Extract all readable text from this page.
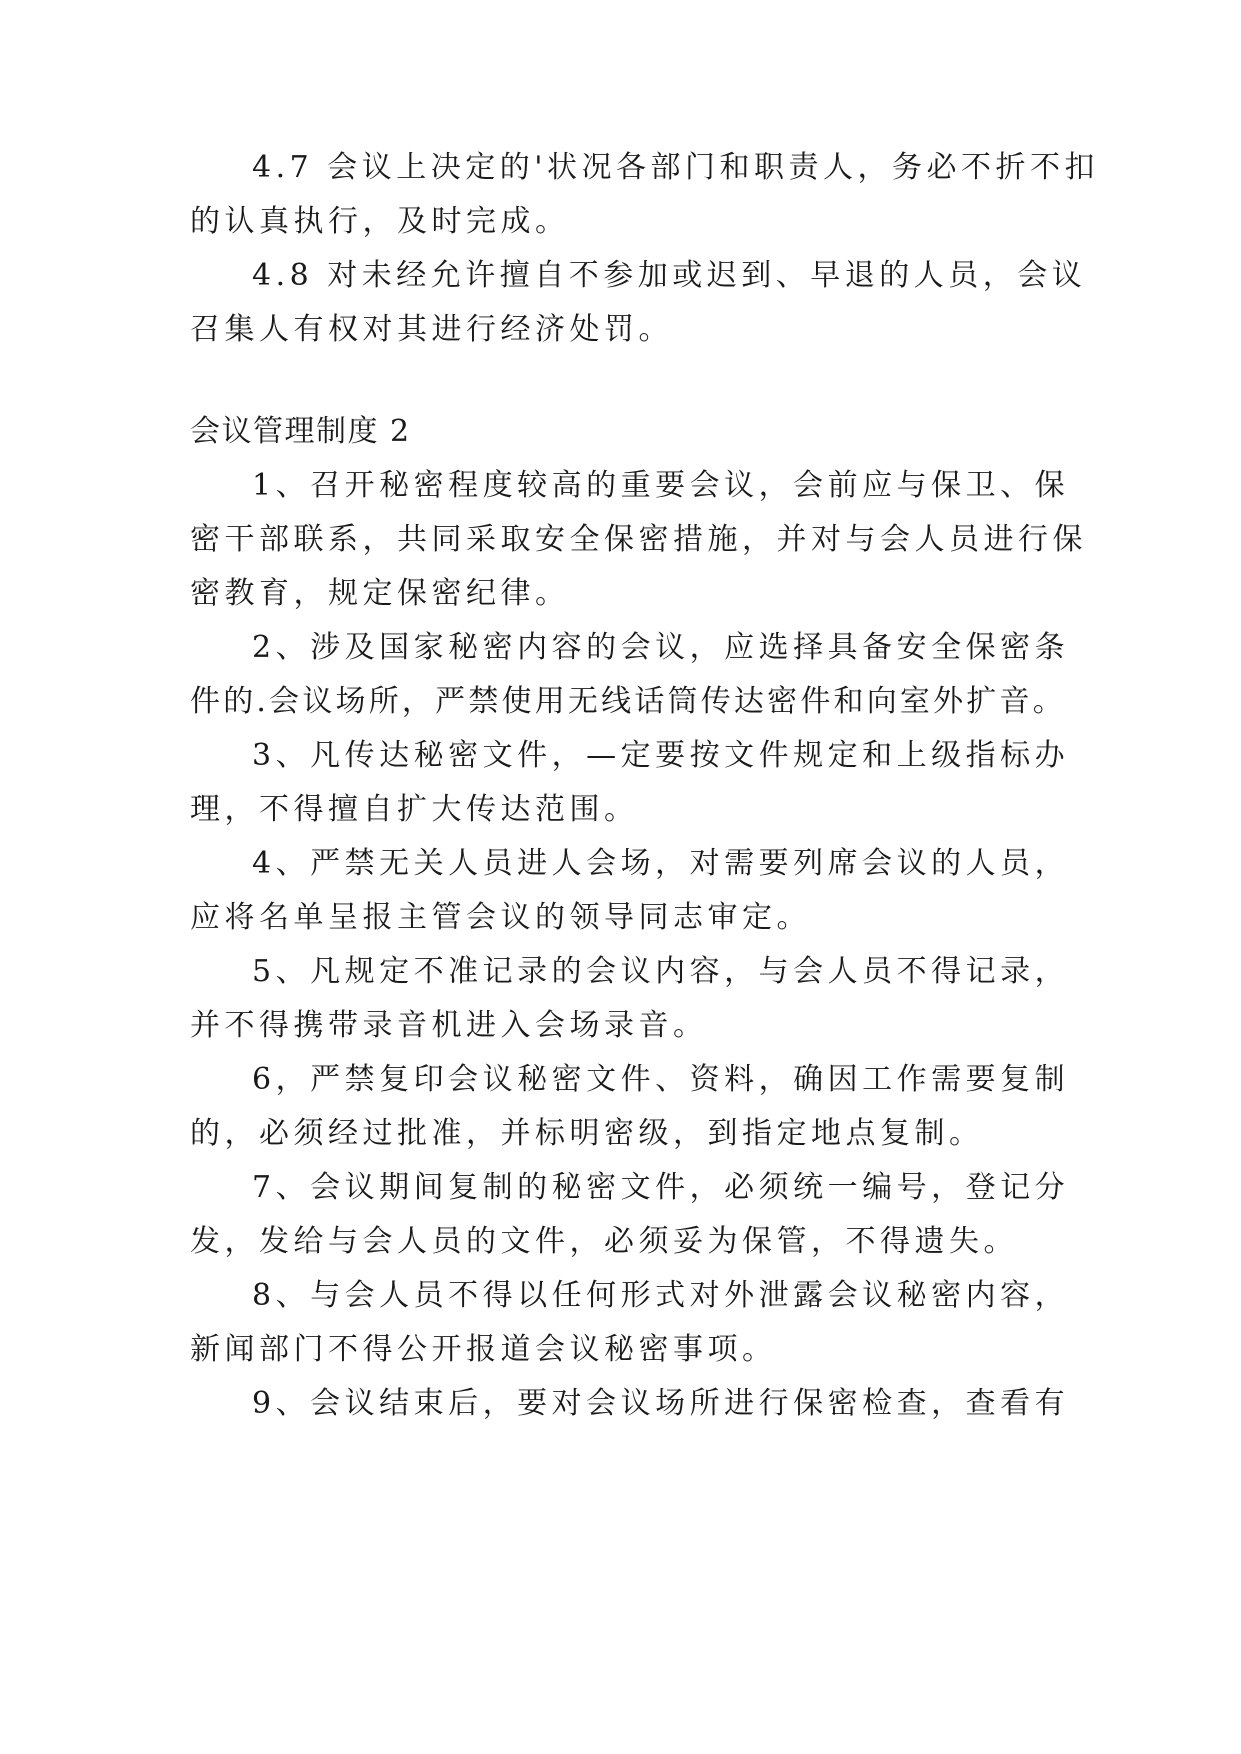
4.7 会议上决定的'状况各部门和职责人，务必不折不扣
的认真执行，及时完成。
4.8 对未经允许擅自不参加或迟到、早退的人员，会议
召集人有权对其进行经济处罚。
会议管理制度 2
1、召开秘密程度较高的重要会议，会前应与保卫、保
密干部联系，共同采取安全保密措施，并对与会人员进行保
密教育，规定保密纪律。
2、涉及国家秘密内容的会议，应选择具备安全保密条
件的.会议场所，严禁使用无线话筒传达密件和向室外扩音。
3、凡传达秘密文件，—定要按文件规定和上级指标办
理，不得擅自扩大传达范围。
4、严禁无关人员进人会场，对需要列席会议的人员，
应将名单呈报主管会议的领导同志审定。
5、凡规定不准记录的会议内容，与会人员不得记录，
并不得携带录音机进入会场录音。
6，严禁复印会议秘密文件、资料，确因工作需要复制
的，必须经过批准，并标明密级，到指定地点复制。
7、会议期间复制的秘密文件，必须统一编号，登记分
发，发给与会人员的文件，必须妥为保管，不得遗失。
8、与会人员不得以任何形式对外泄露会议秘密内容，
新闻部门不得公开报道会议秘密事项。
9、会议结束后，要对会议场所进行保密检查，查看有
